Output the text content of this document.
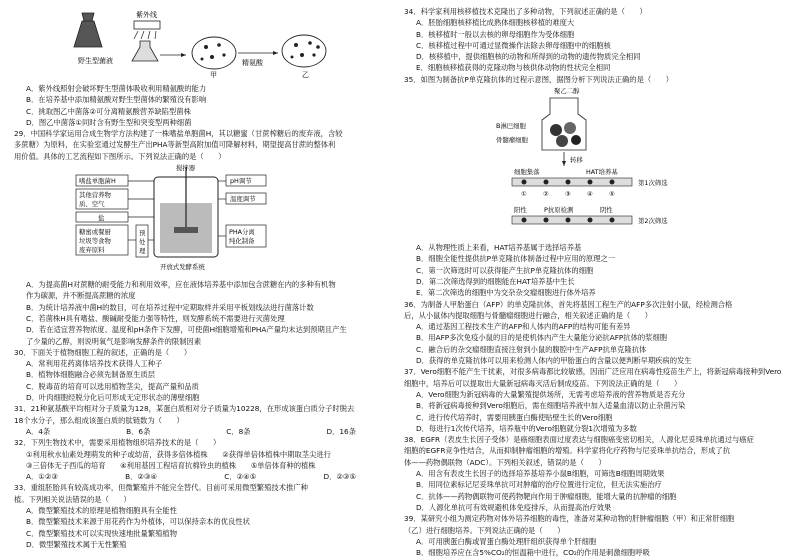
紫外线
甲
精氨酸
乙
野生型菌液

A．紫外线照射会破坏野生型菌体吸收利用精氨酸的能力

B．在培养基中添加精氨酸对野生型菌体的繁殖没有影响

C．挑取图乙中菌落②可分离精氨酸营养缺陷型菌株

D．图乙中菌落①同时含有野生型和突变型两种细菌

29．中国科学家运用合成生物学方法构建了一株嗜盐单胞菌H，其以糖蜜（甘蔗榨糖后的废弃液，含较

多蔗糖）为原料，在实验室通过发酵生产出PHA等新型高附加值可降解材料，期望提高甘蔗的整体利

用价值。具体的工艺流程如下图所示。下列说法正确的是（　　）

嗜盐单胞菌H
其他营养物
质、空气
盐
糖蜜或餐厨
垃圾等食物
废弃原料
预
处
理
搅拌器
pH调节
温度调节
PHA分离
纯化制备
开放式发酵系统

A．为提高菌H对蔗糖的耐受能力和利用效率，应在液体培养基中添加包含蔗糖在内的多种有机物

作为碳源，并不断提高蔗糖的浓度

B．为统计培养液中菌H的数目，可在培养过程中定期取样并采用平板划线法进行菌落计数

C．若菌株H具有嗜盐、酸碱耐受能力强等特性，则发酵系统不需要进行灭菌处理

D．若在适宜营养物浓度、温度和pH条件下发酵，可使菌H细胞增殖和PHA产量均未达到预期且产生

了少量的乙醇，则说明氧气是影响发酵条件的限制因素

30．下面关于植物细胞工程的叙述，正确的是（　　）

A．常利用花药离体培养技术获得人工种子

B．植物体细胞融合必须先制备原生质层

C．脱毒苗的培育可以选用植物茎尖，提高产量和品质

D．叶肉细胞经脱分化后可形成无定形状态的薄壁细胞

31．21种氨基酸平均相对分子质量为128，某蛋白质相对分子质量为10228，在形成该蛋白质分子时脱去

18个水分子，那么组成该蛋白质的肽链数为（　　）

A．4条	B．6条	C．8条	D．16条

32．下列生物技术中，需要采用植物组织培养技术的是（　　）

①利用秋水仙素处理萌发的种子或幼苗，获得多倍体植株　　②获得单倍体植株中期取茎尖进行

③三倍体无子西瓜的培育　　④利用基因工程培育抗棉铃虫的植株　　⑤单倍体育种的植株

A．①②③	B．②③④	C．②④⑤	D．②③⑤

33．重组胚胎具有较高成功率，但微繁殖并不能完全替代。目前可采用微型繁殖技术推广种

植。下列相关说法错误的是（　　）

A．微型繁殖技术的原理是植物细胞具有全能性

B．微型繁殖技术来源于用花药作为外植体，可以保持亲本的优良性状

C．微型繁殖技术可以实现快速地批量繁殖植物

D．微型繁殖技术属于无性繁殖

34．科学家利用核移植技术克隆出了多种动物，下列叙述正确的是（　　）

A．胚胎细胞核移植比成熟体细胞核移植的难度大

B．核移植时一般以去核的卵母细胞作为受体细胞

C．核移植过程中可通过显微操作法除去卵母细胞中的细胞核

D．核移植中，提供细胞核的动物和所得到的动物的遗传物质完全相同

E．细胞核移植获得的克隆动物与核供体动物的性状完全相同

35．如图为制备抗P单克隆抗体的过程示意图，据图分析下列说法正确的是（　　）

聚乙二醇
B淋巴细胞
骨髓瘤细胞
转移
HAT培养基
细胞集落
①	②	③	④	⑤
第1次筛选
阳性	阴性
P抗原检测
第2次筛选

A．从物理性质上来看，HAT培养基属于选择培养基

B．细胞全能性提供抗P单克隆抗体制备过程中应用的原理之一

C．第一次筛选时可以获得能产生抗P单克隆抗体的细胞

D．第二次筛选得到的细胞能在HAT培养基中生长

E．第二次筛选的细胞中为交杂杂交瘤细胞进行体外培养

36．为制备人甲胎蛋白（AFP）的单克隆抗体，首先将基因工程生产的AFP多次注射小鼠，经检测合格

后，从小鼠体内提取细胞与骨髓瘤细胞进行融合，相关叙述正确的是（　　）

A．通过基因工程技术生产的AFP和人体内的AFP的结构可能有差异

B．用AFP多次免疫小鼠的目的是使机体内产生大量能分泌抗AFP抗体的浆细胞

C．融合后的杂交瘤细胞直接注射到小鼠的腹腔中生产AFP抗单克隆抗体

D．获得的单克隆抗体可以用来检测人体内的甲胎蛋白的含量以便判断早期疾病的发生

37．Vero细胞不能产生干扰素，对很多病毒都比较敏感，因而广泛应用在病毒性疫苗生产上，将新冠病毒接种到Vero

细胞中，培养后可以提取出大量新冠病毒灭活后制成疫苗。下列说法正确的是（　　）

A．Vero细胞为新冠病毒的大量繁殖提供场所，无需考虑培养液的营养物质是否充分

B．将新冠病毒接种到Vero细胞后，需在细胞培养液中加入适量血清以防止杂菌污染

C．进行传代培养时，需要用胰蛋白酶使贴壁生长的Vero细胞

D．每进行1次传代培养，培养瓶中的Vero细胞就分裂1次增殖为多数

38．EGFR（表皮生长因子受体）是癌细胞表面过度表达与细胞癌变密切相关，人源化尼妥珠单抗通过与癌症

细胞的EGFR竞争性结合，从而抑制肿瘤细胞的增殖。科学家将化疗药物与尼妥珠单抗结合，形成了抗

体——药物偶联物（ADC）。下列相关叙述，错误的是（　　）

A．用含有表皮生长因子的选择培养基培养小鼠B细胞，可筛选B细胞周期效果

B．用同位素标记尼妥珠单抗可对肿瘤的治疗位置进行定位，但无法实施治疗

C．抗体——药物偶联物可使药物靶向作用于肿瘤细胞，能增大量的抗肿瘤的细胞

D．人源化单抗可有效规避机体免疫排斥，从而提高治疗效果

39．某研究小组为测定药物对体外培养细胞的毒性，准备对某种动物的肝肿瘤细胞（甲）和正常肝细胞

（乙）进行细胞培养。下列说法正确的是（　　）

A．可用胰蛋白酶或胃蛋白酶处理肝组织获得单个肝细胞

B．细胞培养应在含5%CO₂的恒温箱中进行，CO₂的作用是刺激细胞呼吸
